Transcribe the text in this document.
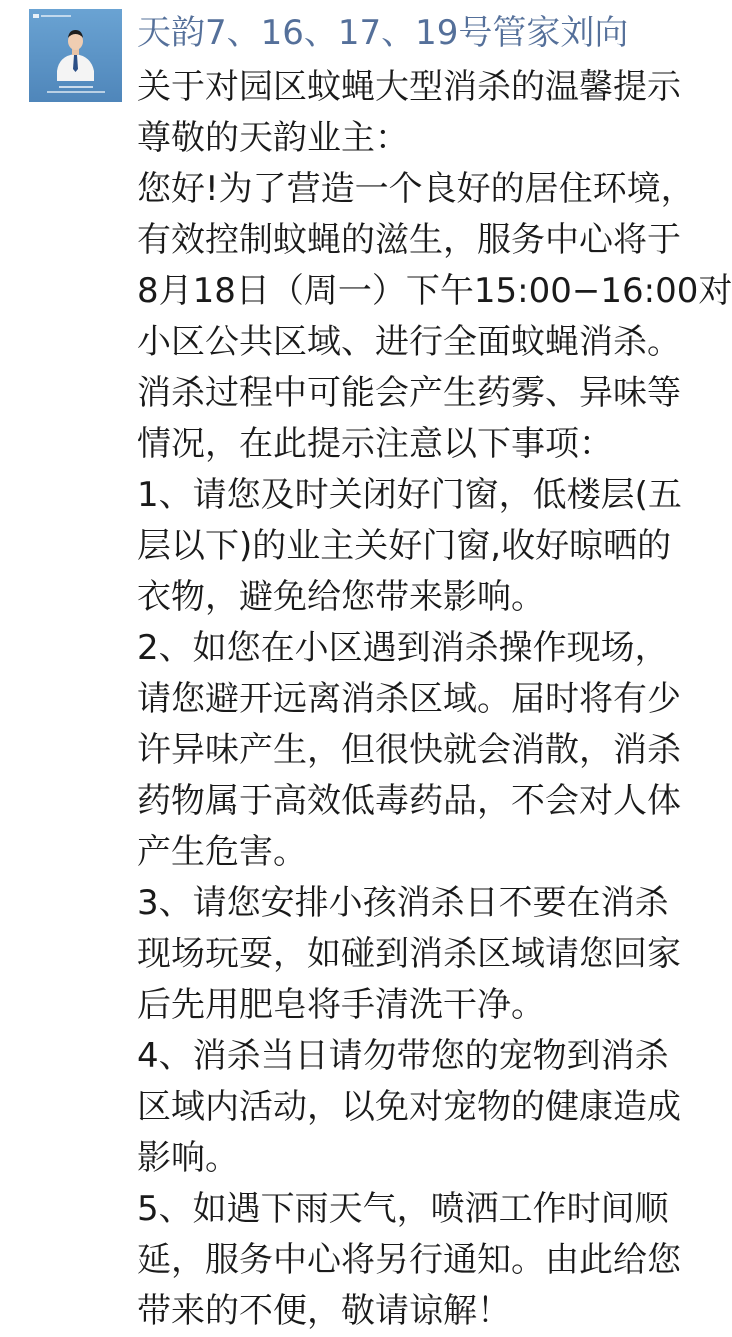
天韵7、16、17、19号管家刘向
关于对园区蚊蝇大型消杀的温馨提示
尊敬的天韵业主：
您好!为了营造一个良好的居住环境，
有效控制蚊蝇的滋生，服务中心将于
8月18日（周一）下午15:00−16:00对
小区公共区域、进行全面蚊蝇消杀。
消杀过程中可能会产生药雾、异味等
情况，在此提示注意以下事项：
1、请您及时关闭好门窗，低楼层(五
层以下)的业主关好门窗,收好晾晒的
衣物，避免给您带来影响。
2、如您在小区遇到消杀操作现场，
请您避开远离消杀区域。届时将有少
许异味产生，但很快就会消散，消杀
药物属于高效低毒药品，不会对人体
产生危害。
3、请您安排小孩消杀日不要在消杀
现场玩耍，如碰到消杀区域请您回家
后先用肥皂将手清洗干净。
4、消杀当日请勿带您的宠物到消杀
区域内活动，以免对宠物的健康造成
影响。
5、如遇下雨天气，喷洒工作时间顺
延，服务中心将另行通知。由此给您
带来的不便，敬请谅解！
